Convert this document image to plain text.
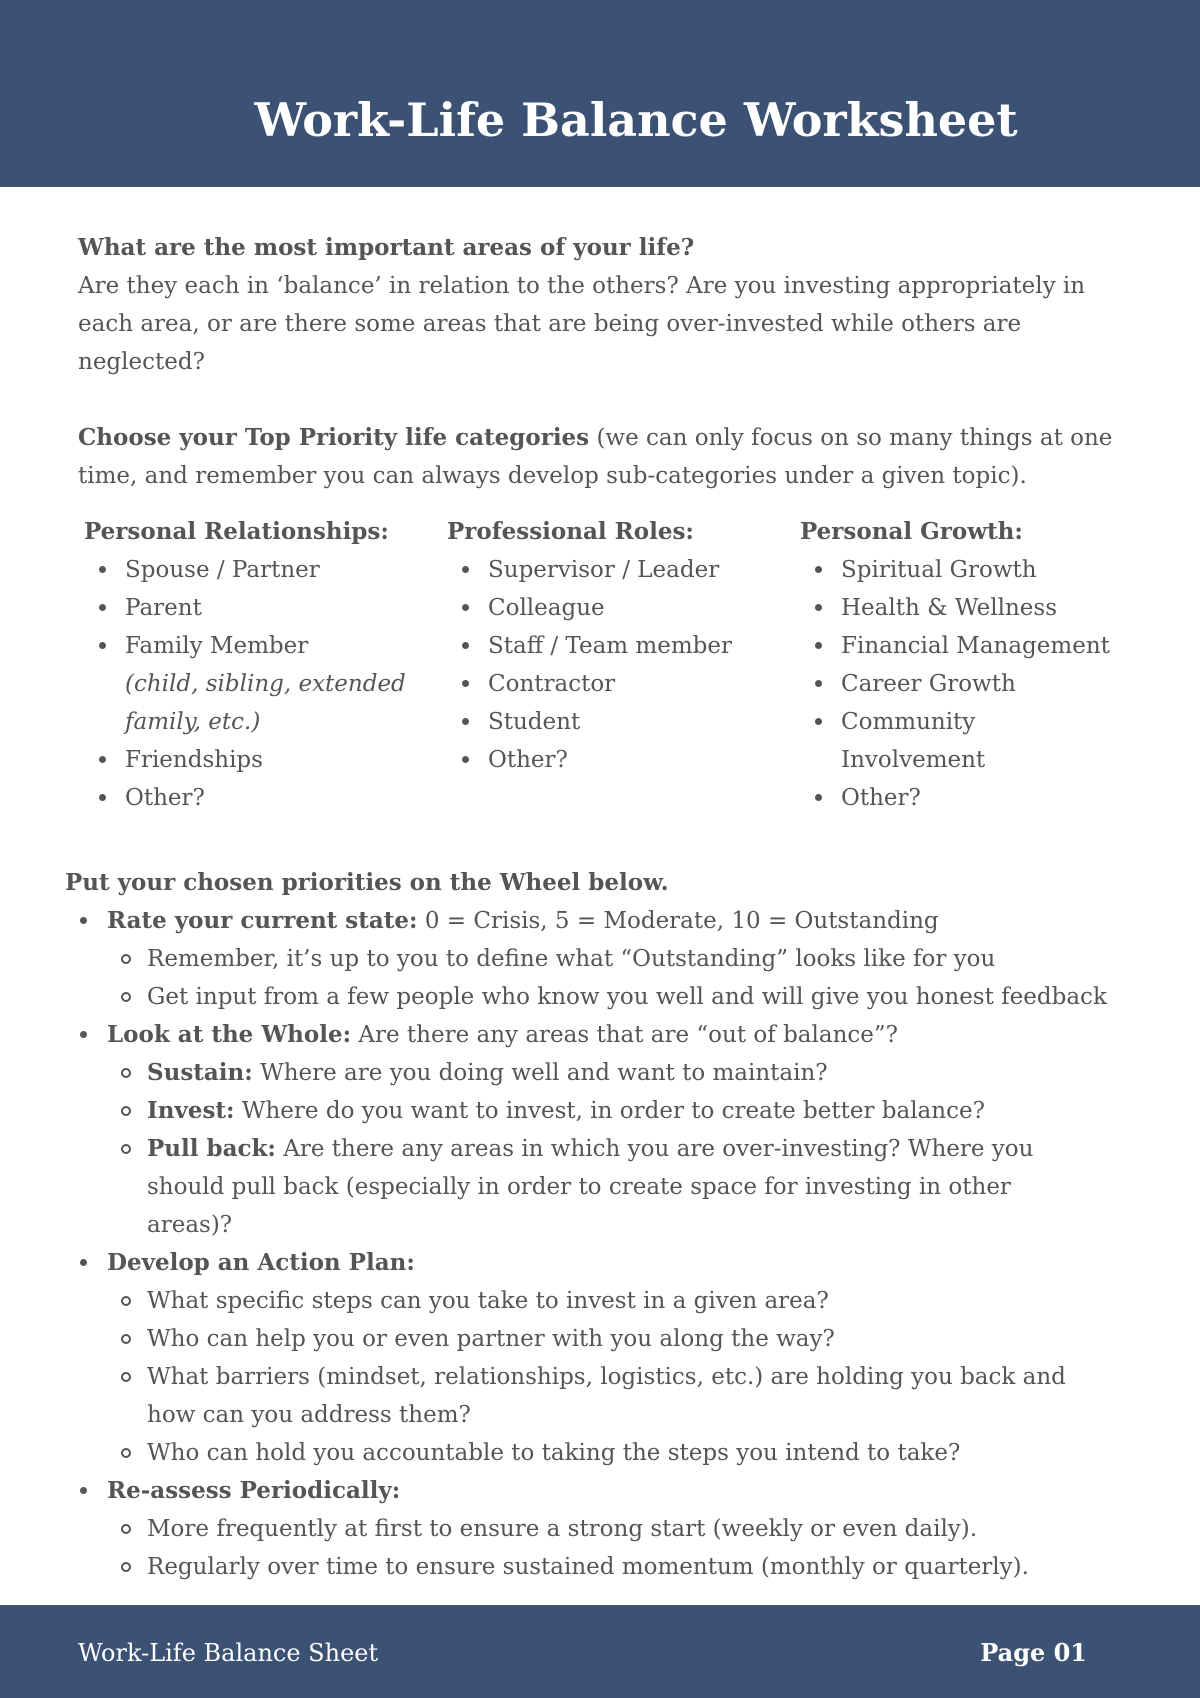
Work-Life Balance Worksheet

What are the most important areas of your life?

Are they each in ‘balance’ in relation to the others? Are you investing appropriately in each area, or are there some areas that are being over-invested while others are neglected?

Choose your Top Priority life categories (we can only focus on so many things at one time, and remember you can always develop sub-categories under a given topic).

Personal Relationships:
Spouse / Partner
Parent
Family Member
(child, sibling, extended family, etc.)
Friendships
Other?
Professional Roles:
Supervisor / Leader
Colleague
Staff / Team member
Contractor
Student
Other?
Personal Growth:
Spiritual Growth
Health & Wellness
Financial Management
Career Growth
Community Involvement
Other?
Put your chosen priorities on the Wheel below.
Rate your current state: 0 = Crisis, 5 = Moderate, 10 = Outstanding
Remember, it’s up to you to define what “Outstanding” looks like for you
Get input from a few people who know you well and will give you honest feedback
Look at the Whole: Are there any areas that are “out of balance”?
Sustain: Where are you doing well and want to maintain?
Invest: Where do you want to invest, in order to create better balance?
Pull back: Are there any areas in which you are over-investing? Where you should pull back (especially in order to create space for investing in other areas)?
Develop an Action Plan:
What specific steps can you take to invest in a given area?
Who can help you or even partner with you along the way?
What barriers (mindset, relationships, logistics, etc.) are holding you back and how can you address them?
Who can hold you accountable to taking the steps you intend to take?
Re-assess Periodically:
More frequently at first to ensure a strong start (weekly or even daily).
Regularly over time to ensure sustained momentum (monthly or quarterly).
Work-Life Balance Sheet	Page 01
